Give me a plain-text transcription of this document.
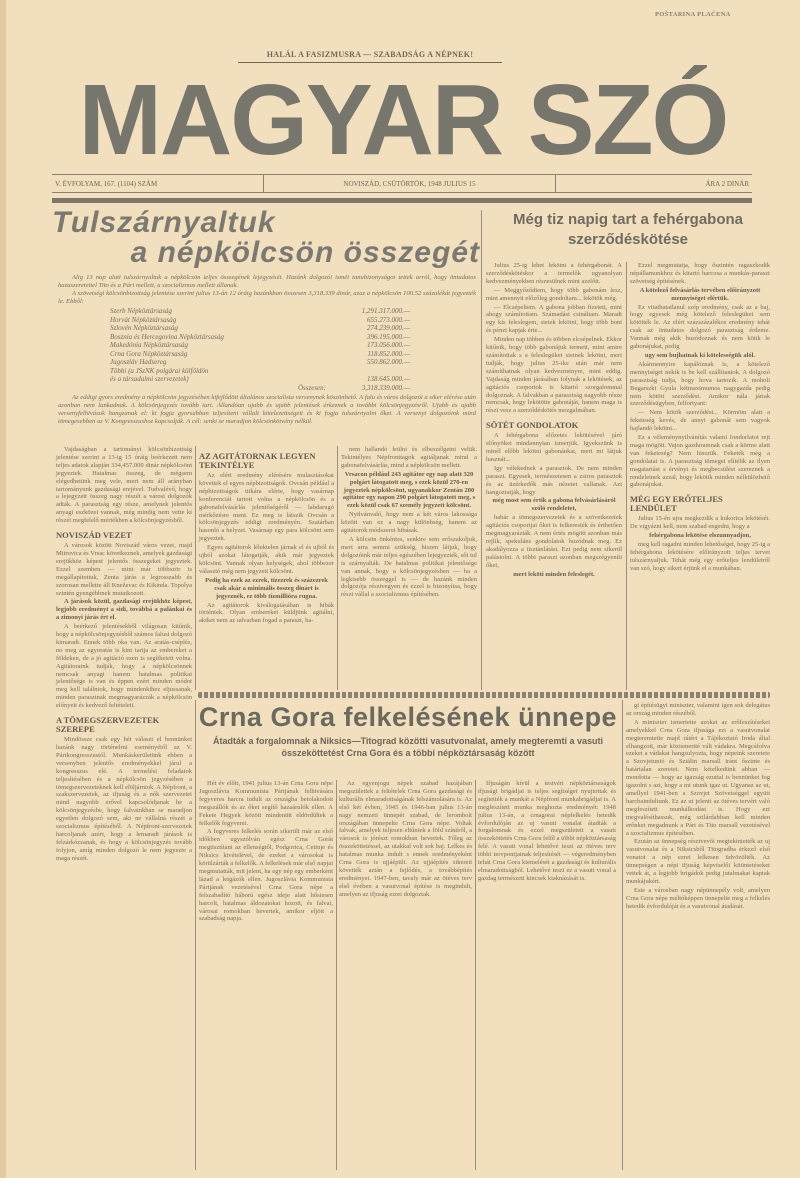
POŠTARINA PLAĆENA
HALÁL A FASIZMUSRA — SZABADSÁG A NÉPNEK!
MAGYAR SZÓ
V. ÉVFOLYAM, 167. (1104) SZÁM	NOVISZÁD, CSÜTÖRTÖK, 1948 JULIUS 15	ÁRA 2 DINÁR
Tulszárnyaltuk
a népkölcsön összegét

Alig 13 nap alatt tulszárnyaltuk a népkölcsön teljes összegének lejegyzését. Hazánk dolgozói ismét tanubizonyságot tettek arról, hogy öntudatos hazaszeretettel Tito és a Párt mellett, a szocializmus mellett állanak.

A szövetségi kölcsönbizottság jelentése szerint julius 13-án 12 óráig hazánkban összesen 3,318.339 dinár, azaz a népkölcsön 100.52 százalékát jegyezték le. Ebből:

Szerb Népköztársaság	1,291.317.000.—
Horvát Népköztársaság	655.273.000.—
Szlovén Népköztársaság	274.239.000.—
Bosznia és Hercegovina Népköztársaság	396.195.000.—
Makedónia Népköztársaság	173.056.000.—
Crna Gora Népköztársaság	118.852.000.—
Jugoszláv Hadsereg	550.862.000.—
Többi (a JSzNK polgárai külföldön
és a társadalmi szervezetek)	138.645.000.—
Összesen:	3,318.339.000.—

Az eddigi gyors eredmény a népkölcsön jegyzésében kifejlődött általános szocialista versenynek köszönhető. A falu és város dolgozói a siker elérése után azonban nem lankadnak. A kölcsönjegyzés tovább tart. Állandóan ujabb és ujabb jelentések érkeznek a további kölcsönjegyzésről. Ujabb és ujabb versenyfelhivások hangzanak el: ki fogja gyorsabban teljesíteni vállalt kötelezettségeit és ki fogja tulszárnyalni őket. A versenyt dolgozóink mind tömegesebben az V. Kongresszushoz kapcsolják. A cél: senki se maradjon kölcsönkötvény nélkül.

Vajdaságban a tartományi kölcsönbizottság jelentése szerint a 13-ig 15 óráig beérkezett nem teljes adatok alapján 334,457.000 dinár népkölcsönt jegyeztek. Hatalmas összeg, de mégsem elégedhetünk meg vele, mert nem áll arányban tartományunk gazdasági erejével. Tudvalévő, hogy a lejegyzett összeg nagy részét a városi dolgozók adták. A parasztság egy része, amelynek jelentős anyagi eszközei vannak, még mindig nem vette ki részét megfelelő mértékben a kölcsönjegyzésből.

NOVISZÁD VEZET

A városok között Noviszád város vezet, majd Mitrovica és Vrsac következnek, amelyek gazdasági erejükhöz képest jelentős összegeket jegyeztek. Ezzel szemben — mint már többször is megállapítottuk, Zenta járás a legrosszabb és szorosan mellette áll Kneževac és Kikinda. Topolya szintén gyengébbnek mutatkozott.

A járások közül, gazdasági erejükhöz képest, legjobb eredményt a sidi, továbbá a palánkai és a zimonyi járás ért el.

A beérkező jelentésekből világosan kitűnik, hogy a népkölcsönjegyzésből számos falusi dolgozó kimaradt. Ennek több oka van. Az aratás-cséplés, no meg az egyoratás is kint tartja az embereket a földeken, de a jó agitáció ezen is segíthetett volna. Agitátoraink tudják, hogy a népkölcsönnek nemcsak anyagi hanem hatalmas politikai jelentősége is van és éppen ezért minden módot meg kell találniok, hogy mindenkihez eljussanak, minden parasztnak megmagyarázzák a népkölcsön előnyeit és kedvező feltételeit.

A TÖMEGSZERVEZETEK SZEREPE

Mindössze csak egy hét választ el bennünket hazánk nagy történelmi eseményétől az V. Pártkongresszustól. Munkáskerületünk ebben a versenyben jelentős eredményekkel járul a kongresszus elé. A termelési feladatok teljesítésében és a népkölcsön jegyzésében a tömegszervezeteknek kell elöljárniok. A Népfront, a szakszervezetek, az ifjuság és a nők szervezetei mind nagyobb erővel kapcsolódjanak be a kölcsönjegyzésbe, hogy falvainkban se maradjon egyetlen dolgozó sem, aki ne vállalná részét a szocializmus építéséből. A Népfront-szervezetek harcoljanak azért, hogy a lemaradt járások is felzárkózzanak, és hogy a kölcsönjegyzés tovább folyjon, amíg minden dolgozó le nem jegyezte a maga részét.

AZ AGITÁTORNAK LEGYEN TEKINTÉLYE

Az elért eredmény elérésére mulasztásokat követtek el egyes népbizottságok. Ovcsán például a népbizottságok titkára elérte, hogy vasárnap konferenciát tartott volna a népkölcsön és a gabonafelvásárlás jelentőségéről — labdarugó mérkőzésre ment. Ez meg is látszik Ovcsán a kölcsönjegyzés eddigi eredményén. Szatárban hasonló a helyzet. Vasárnap egy para kölcsönt sem jegyeztek.

Egyes agitátorok lélektelen járnak el és ujból és ujból azokat látogatják, akik már jegyeztek kölcsönt. Vannak olyan helységek, ahol többezer választó még nem jegyzett kölcsönt.

Pedig ha ezek az ezrek, tízezrek és százezrek csak akár a minimális összeg dinárt is jegyeznék, ez több tízmillióra rugna.

Az agitátorok kiválogatásában is hibák történtek. Olyan embereket küldjünk agitálni, akiket nem az udvarban fogad a paraszt, ha-

nem hallandó leülni és elbeszélgetni velük. Tekintélyes Népfronttagok agitáljanak mind a gabonafelvásárlás, mind a népkölcsön mellett.

Vrsacon például 243 agitátor egy nap alatt 320 polgárt látogatott meg, s ezek közül 270-en jegyeztek népkölcsönt, ugyanakkor Zentán 200 agitátor egy napon 290 polgárt látogatott meg, s ezek közül csak 67 személy jegyzett kölcsönt.

Nyilvánvaló, hogy nem a két város lakossága között van ez a nagy különbség, hanem az agitátorok módszerei hibásak.

A kölcsön önkéntes, senkire sem erőszakoljuk, mert arra semmi szükség, hiszen látjuk, hogy dolgozóink már teljes egészében lejegyezték, sőt tul is szárnyalták. De hatalmas politikai jelentősége van annak, hogy a kölcsönjegyzésben — ha a legkisebb összeggel is — de hazánk minden dolgozója résztvegyen és ezzel is bizonyítsa, hogy részt vállal a szocializmus építésében.

Még tiz napig tart a fehérgabona
szerződéskötése

Julius 25-ig lehet lekötni a fehérgabonát. A szerződéskötéskor a termelők ugyanolyan kedvezményekben részesülnek mint azelőtt.

— Meggyőződtem, hogy több gabonám lesz, mint amennyit előzőleg gondoltam... lekötök még.

— Elcsépeltem. A gabona jobban fizetett, mint ahogy számítottam. Számadást csináltam. Maradt egy kis feleslegem, sietek lekötni, hogy több bont és pénzt kapjak érte...

Minden nap többen és többen elcsépelnek. Ekkor kitűnik, hogy több gabonájuk termett, mint amire számítottak s a feleslegüket sietnek lekötni, mert tudják, hogy julius 25-ike után már nem számíthatnak olyan kedvezményre, mint eddig. Vajdaság minden járásában folynak a lekötések, az agitációs csoportok is kitartó szorgalommal dolgoznak. A falvakban a parasztság nagyobb része nemcsak, hogy lekötötte gabonáját, hanem maga is részt vesz a szerződéskötés mozgalmában.

SÖTÉT GONDOLATOK

A fehérgabona előzetes lekötésével járó előnyöket mindannyian ismerjük. Igyekszünk is minél előbb lekötni gabonánkat, mert mi látjuk hasznát...

Igy vélekednek a parasztok. De nem minden paraszt. Egyesek, természetesen a zsiros parasztok és az üzérkedők más nézetet vallanak. Azt hangoztatják, hogy

még most sem értik a gabona felvásárlásáról szóló rendeletet,

habár a tömegszervezetek és a szövetkezetek agitációs csoportjai őket is felkeresték és érthetően megmagyarázták. A nem értés mögött azonban más rejlik, spekuláns gondolatok huzódnak meg. Ez akadályozza a tisztánlátást. Ezt pedig nem sikerül palástolni. A többi paraszt azonban megszégyeníti őket,

mert leköti minden feleslegét.

Ezzel megmutatja, hogy őszintén ragaszkodik népállamunkhoz és kitartó harcosa a munkás-paraszt szövetség építésének.

A kötelező felvásárlás tervében előirányzott mennyiséget elértük.

Ez vitathatatlanul szép eredmény, csak az a baj, hogy egyesek még kötelező feleslegüket sem kötötték le. Az elért százszázalékos eredmény tehát csak az öntudatos dolgozó parasztság érdeme. Vannak még akik huzódoznak és nem kötik le gabonájukat, pedig

ugy sem bujhatnak ki kötelességük alól.

Akármennyire kapálóznak is, a kötelező mennyiséget nekik is be kell szállítaniok. A dolgozó parasztság tudja, hogy hova tartozik. A moholi Bugarszki Gyula kétmaximumos nagygazda pedig nem kötött szerződést. Amikor nála jártak szerződésügyben, felfortyant:

— Nem kötök szerződést... Körmöm alatt a feketeség kevés, de annyi gabonát sem vagyok hajlandó lekötni...

Ez a véleménynyilvánítás valami fondorlatot rejt maga mögött. Vajon gazduramnak csak a körme alatt van feketeség? Nem hisszük. Feketék még a gondolatai is. A parasztság tömegei elítélik az ilyen magatartást s érvényt és megbecsülést szereznek a rendeletnek azzal, hogy lekötik minden nélkülözhető gabonájukat.

MÉG EGY ERŐTELJES LENDÜLET

Julius 15-én ujra megkezdik a kukorica lekötését. De vigyázni kell, nem szabad engedni, hogy a

fehérgabona lekötése elszunnyadjon,

meg kell ragadni minden lehetőséget, hogy 25-ig a fehérgabona lekötésére előirányzott teljes tervet tulszárnyaljuk. Tehát még egy erőteljes lendületről van szó, hogy sikert érjünk el a munkában.

Crna Gora felkelésének ünnepe
Átadták a forgalomnak a Niksics—Titograd közötti vasutvonalat, amely megteremti a vasuti összeköttetést Crna Gora és a többi népköztársaság között

Hét év előtt, 1941 julius 13-án Crna Gora népe Jugoszlávia Kommunista Pártjának felhivására fegyveres harcra indult az országba betolakodott megszállók és az őket segítő hazaárulók ellen. A Fekete Hegyek között mindenütt eldördültek a felkelők fegyverei.

A fegyveres felkelés során sikerült már az első időkben ugyszólván egész Crna Gorát megtisztítani az ellenségtől, Podgorica, Cetinje és Niksics kivételével, de ezeket a városokat is körülzárták a felkelők. A felkelések már első napjai megmutatták, mit jelent, ha egy nép egy emberként lázad a leigázók ellen. Jugoszlávia Kommunista Pártjának vezetésével Crna Gora népe a felszabadító háború egész ideje alatt hősiesen harcolt, hatalmas áldozatokat hozott, és falvai, városai romokban hevertek, amikor eljött a szabadság napja.

Az egyenjogu népek szabad hazájában megszülettek a feltételek Crna Gora gazdasági és kulturális elmaradottságának felszámolására is. Az első két évben, 1945 és 1946-ban julius 13-án nagy nemzeti ünnepét szabad, de lerombolt országában ünnepelte Crna Gora népe. Voltak falvak, amelyek teljesen eltűntek a föld színéről, a városok is jórészt romokban hevertek. Főleg az összeköttetéssel, az utakkal volt sok baj. Lelkes és hatalmas munka indult s ennek eredményeként Crna Gora is ujjáépült. Az ujjáépítés sikereit követték aztán a fejlődés, a továbbépítés eredményei. 1947-ben, tavaly már az ötéves terv első évében a vasutvonal építése is megindult, amelyen az ifjuság ezrei dolgoztak.

Ifjuságán kívül a testvéri népköztársaságok ifjusági brigádjai is teljes segítséget nyujtottak és segítették a munkát a Népfront munkabrigádjai is. A megfeszített munka meghozta eredményét: 1948 julius 13-án, a crnagorai népfelkelés hetedik évfordulóján az uj vasuti vonalat átadták a forgalomnak és ezzel megszületett a vasuti összeköttetés Crna Gora felől a többi népköztársaság felé. A vasuti vonal lehetővé teszi az ötéves terv többi tervpontjainak teljesítését — végeredményben tehát Crna Gora kiemelését a gazdasági és kulturális elmaradottságból. Lehetővé teszi ez a vasuti vonal a gazdag természeti kincsek kiaknázását is.

gi építésügyi miniszter, valamint igen sok delegátus az ország minden részéből.

A miniszter ismertette azokat az erőfeszítéseket amelyekkel Crna Gora ifjusága ezt a vasutvonalat megteremtette majd rátért a Tájékoztató Iroda által elhangzott, már közismertté vált vádakra. Megcáfolva ezeket a vádakat hangsulyozta, hogy népeink szeretete a Szovjetunió és Sztálin marsall iránt őszinte és határtalan szeretet. Nem kételkedünk abban — mondotta — hogy az igazság ezuttal is bennünket fog igazolni s azt, hogy a mi utunk igaz ut. Ugyanaz az ut, amellyel 1941-ben a Szovjet Szövetséggel együtt harcbaindultunk. Ez az ut jelenti az ötéves tervért való megfeszített munkálkodást is. Hogy ezt megvalósíthassuk, még szilárdabban kell minden erőnket megadnunk a Párt és Tito marsall vezetésével a szocializmus építésében.

Ezután az ünnepség résztvevői megtekintették az uj vasutvonalat és a Niksicsből Titogradba érkező első vonatot a nép ezrei lelkesen üdvözölték. Az ünnepségen a népi ifjuság képviselői kitüntetéseket vettek át, a legjobb brigádok pedig jutalmakat kaptak munkájukért.

Este a városban nagy népünnepély volt, amelyen Crna Gora népe méltóképpen ünnepelte meg a felkelés hetedik évfordulóját és a vasutvonal átadását.
